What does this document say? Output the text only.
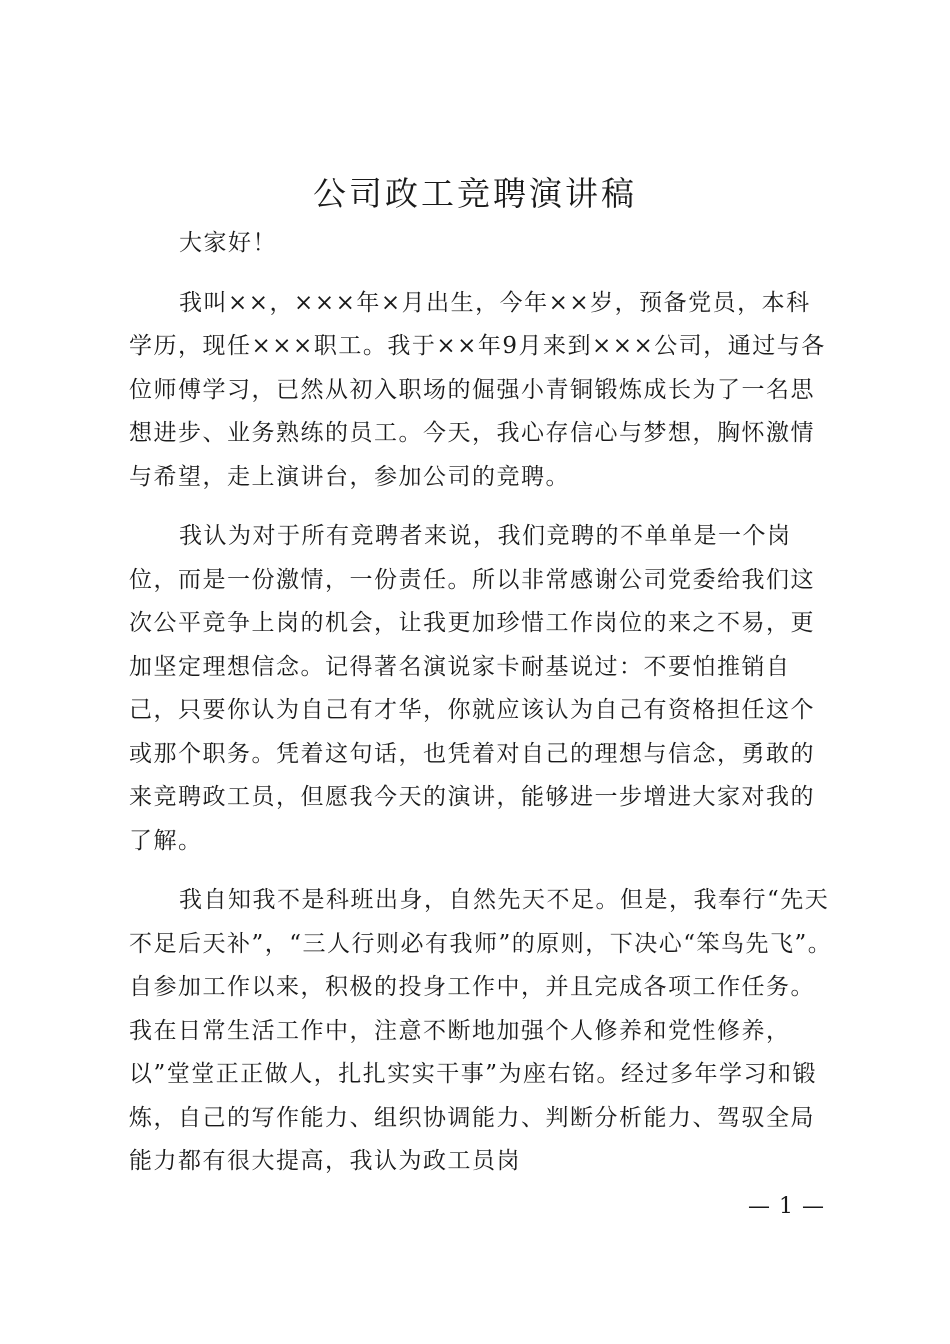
公司政工竞聘演讲稿

大家好！

我叫××，×××年×月出生，今年××岁，预备党员，本科学历，现任×××职工。我于××年9月来到×××公司，通过与各位师傅学习，已然从初入职场的倔强小青铜锻炼成长为了一名思想进步、业务熟练的员工。今天，我心存信心与梦想，胸怀激情与希望，走上演讲台，参加公司的竞聘。

我认为对于所有竞聘者来说，我们竞聘的不单单是一个岗位，而是一份激情，一份责任。所以非常感谢公司党委给我们这次公平竞争上岗的机会，让我更加珍惜工作岗位的来之不易，更加坚定理想信念。记得著名演说家卡耐基说过：不要怕推销自己，只要你认为自己有才华，你就应该认为自己有资格担任这个或那个职务。凭着这句话，也凭着对自己的理想与信念，勇敢的来竞聘政工员，但愿我今天的演讲，能够进一步增进大家对我的了解。

我自知我不是科班出身，自然先天不足。但是，我奉行“先天不足后天补”，“三人行则必有我师”的原则，下决心“笨鸟先飞”。自参加工作以来，积极的投身工作中，并且完成各项工作任务。我在日常生活工作中，注意不断地加强个人修养和党性修养，以”堂堂正正做人，扎扎实实干事”为座右铭。经过多年学习和锻炼，自己的写作能力、组织协调能力、判断分析能力、驾驭全局能力都有很大提高，我认为政工员岗

— 1 —
